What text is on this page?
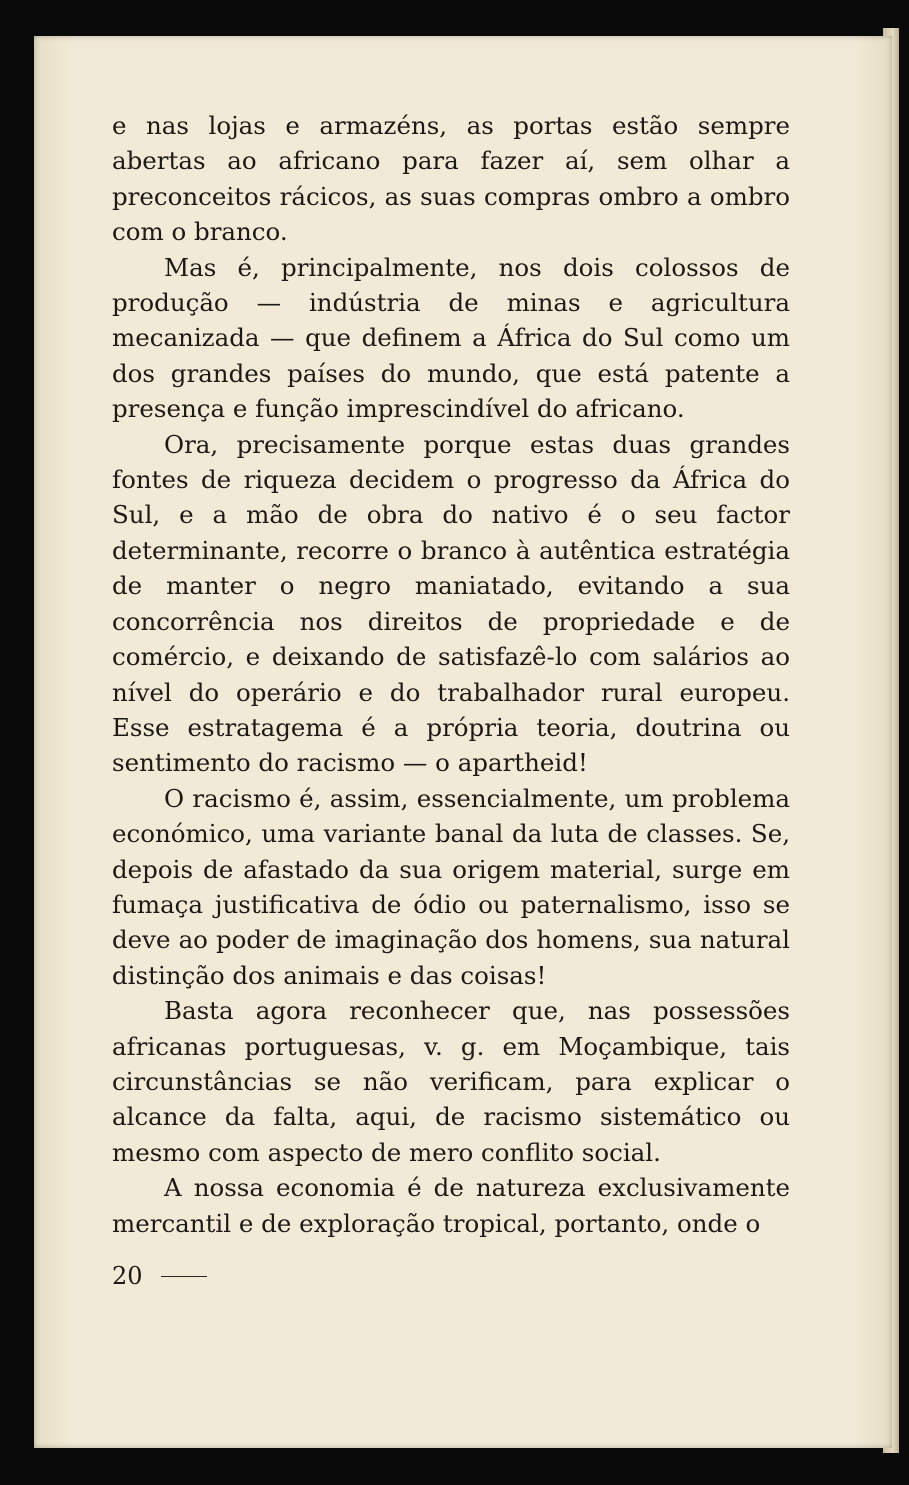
e nas lojas e armazéns, as portas estão sempre abertas ao africano para fazer aí, sem olhar a preconceitos rácicos, as suas compras ombro a ombro com o branco.

Mas é, principalmente, nos dois colossos de produção — indústria de minas e agricultura mecanizada — que definem a África do Sul como um dos grandes países do mundo, que está patente a presença e função imprescindível do africano.

Ora, precisamente porque estas duas grandes fontes de riqueza decidem o progresso da África do Sul, e a mão de obra do nativo é o seu factor determinante, recorre o branco à autêntica estratégia de manter o negro maniatado, evitando a sua concorrência nos direitos de propriedade e de comércio, e deixando de satisfazê-lo com salários ao nível do operário e do trabalhador rural europeu. Esse estratagema é a própria teoria, doutrina ou sentimento do racismo — o apartheid!

O racismo é, assim, essencialmente, um problema económico, uma variante banal da luta de classes. Se, depois de afastado da sua origem material, surge em fumaça justificativa de ódio ou paternalismo, isso se deve ao poder de imaginação dos homens, sua natural distinção dos animais e das coisas!

Basta agora reconhecer que, nas possessões africanas portuguesas, v. g. em Moçambique, tais circunstâncias se não verificam, para explicar o alcance da falta, aqui, de racismo sistemático ou mesmo com aspecto de mero conflito social.

A nossa economia é de natureza exclusivamente mercantil e de exploração tropical, portanto, onde o

20
